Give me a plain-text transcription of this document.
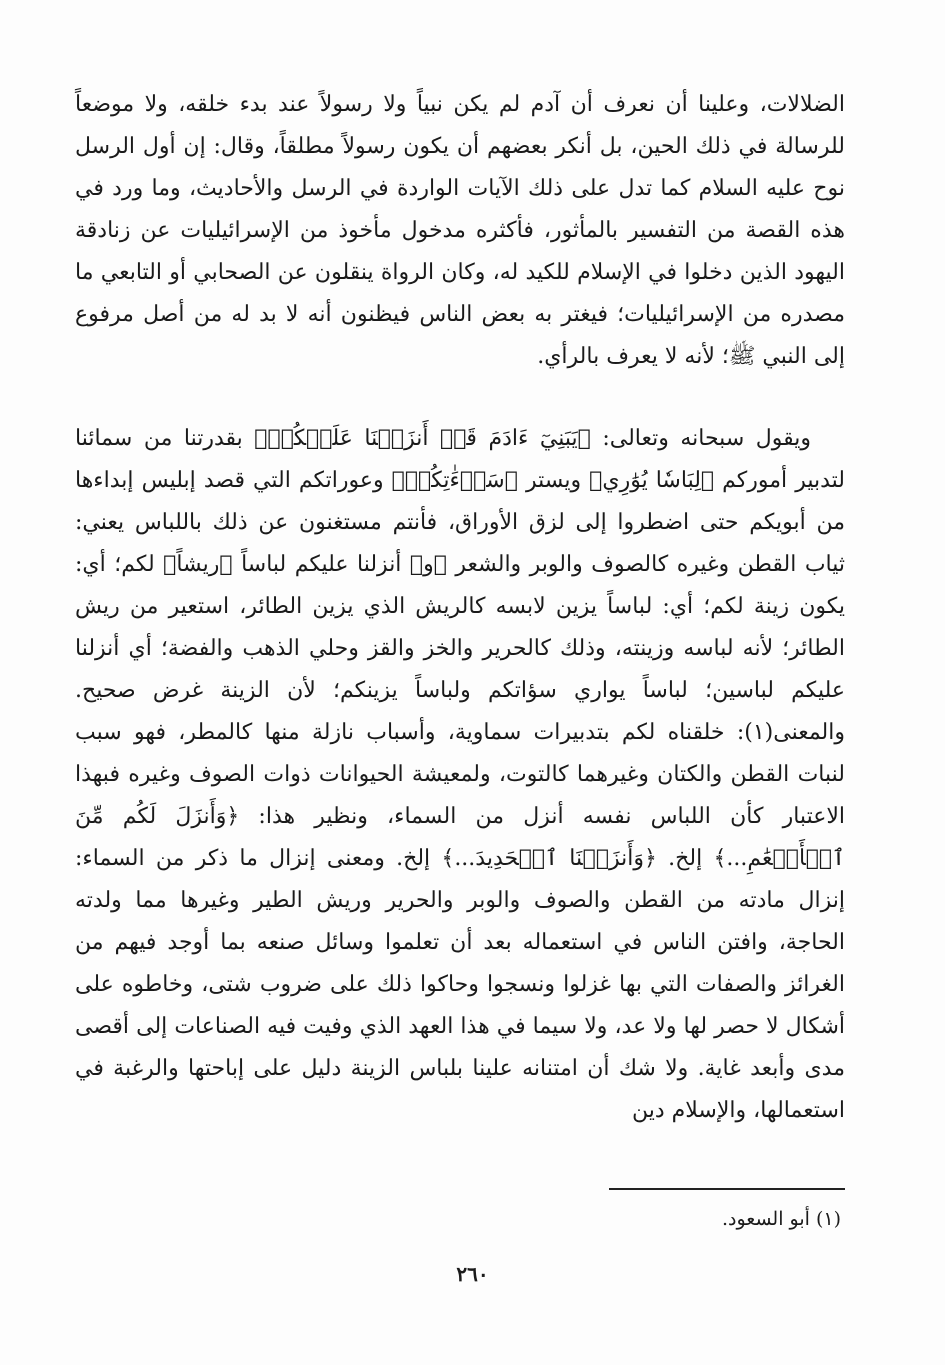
الضلالات، وعلينا أن نعرف أن آدم لم يكن نبياً ولا رسولاً عند بدء خلقه، ولا موضعاً للرسالة في ذلك الحين، بل أنكر بعضهم أن يكون رسولاً مطلقاً، وقال: إن أول الرسل نوح عليه السلام كما تدل على ذلك الآيات الواردة في الرسل والأحاديث، وما ورد في هذه القصة من التفسير بالمأثور، فأكثره مدخول مأخوذ من الإسرائيليات عن زنادقة اليهود الذين دخلوا في الإسلام للكيد له، وكان الرواة ينقلون عن الصحابي أو التابعي ما مصدره من الإسرائيليات؛ فيغتر به بعض الناس فيظنون أنه لا بد له من أصل مرفوع إلى النبي ﷺ؛ لأنه لا يعرف بالرأي.

ويقول سبحانه وتعالى: ﴿يَبَنِيٓ ءَادَمَ قَدۡ أَنزَلۡنَا عَلَيۡكُمۡ﴾ بقدرتنا من سمائنا لتدبير أموركم ﴿لِبَاسٗا يُوَٰرِي﴾ ويستر ﴿سَوۡءَٰتِكُمۡ﴾ وعوراتكم التي قصد إبليس إبداءها من أبويكم حتى اضطروا إلى لزق الأوراق، فأنتم مستغنون عن ذلك باللباس يعني: ثياب القطن وغيره كالصوف والوبر والشعر ﴿و﴾ أنزلنا عليكم لباساً ﴿ريشاً﴾ لكم؛ أي: يكون زينة لكم؛ أي: لباساً يزين لابسه كالريش الذي يزين الطائر، استعير من ريش الطائر؛ لأنه لباسه وزينته، وذلك كالحرير والخز والقز وحلي الذهب والفضة؛ أي أنزلنا عليكم لباسين؛ لباساً يواري سؤاتكم ولباساً يزينكم؛ لأن الزينة غرض صحيح. والمعنى(١): خلقناه لكم بتدبيرات سماوية، وأسباب نازلة منها كالمطر، فهو سبب لنبات القطن والكتان وغيرهما كالتوت، ولمعيشة الحيوانات ذوات الصوف وغيره فبهذا الاعتبار كأن اللباس نفسه أنزل من السماء، ونظير هذا: ﴿وَأَنزَلَ لَكُم مِّنَ ٱلۡأَنۡعَٰمِ...﴾ إلخ. ﴿وَأَنزَلۡنَا ٱلۡحَدِيدَ...﴾ إلخ. ومعنى إنزال ما ذكر من السماء: إنزال مادته من القطن والصوف والوبر والحرير وريش الطير وغيرها مما ولدته الحاجة، وافتن الناس في استعماله بعد أن تعلموا وسائل صنعه بما أوجد فيهم من الغرائز والصفات التي بها غزلوا ونسجوا وحاكوا ذلك على ضروب شتى، وخاطوه على أشكال لا حصر لها ولا عد، ولا سيما في هذا العهد الذي وفيت فيه الصناعات إلى أقصى مدى وأبعد غاية. ولا شك أن امتنانه علينا بلباس الزينة دليل على إباحتها والرغبة في استعمالها، والإسلام دين

(١) أبو السعود.
٢٦٠
